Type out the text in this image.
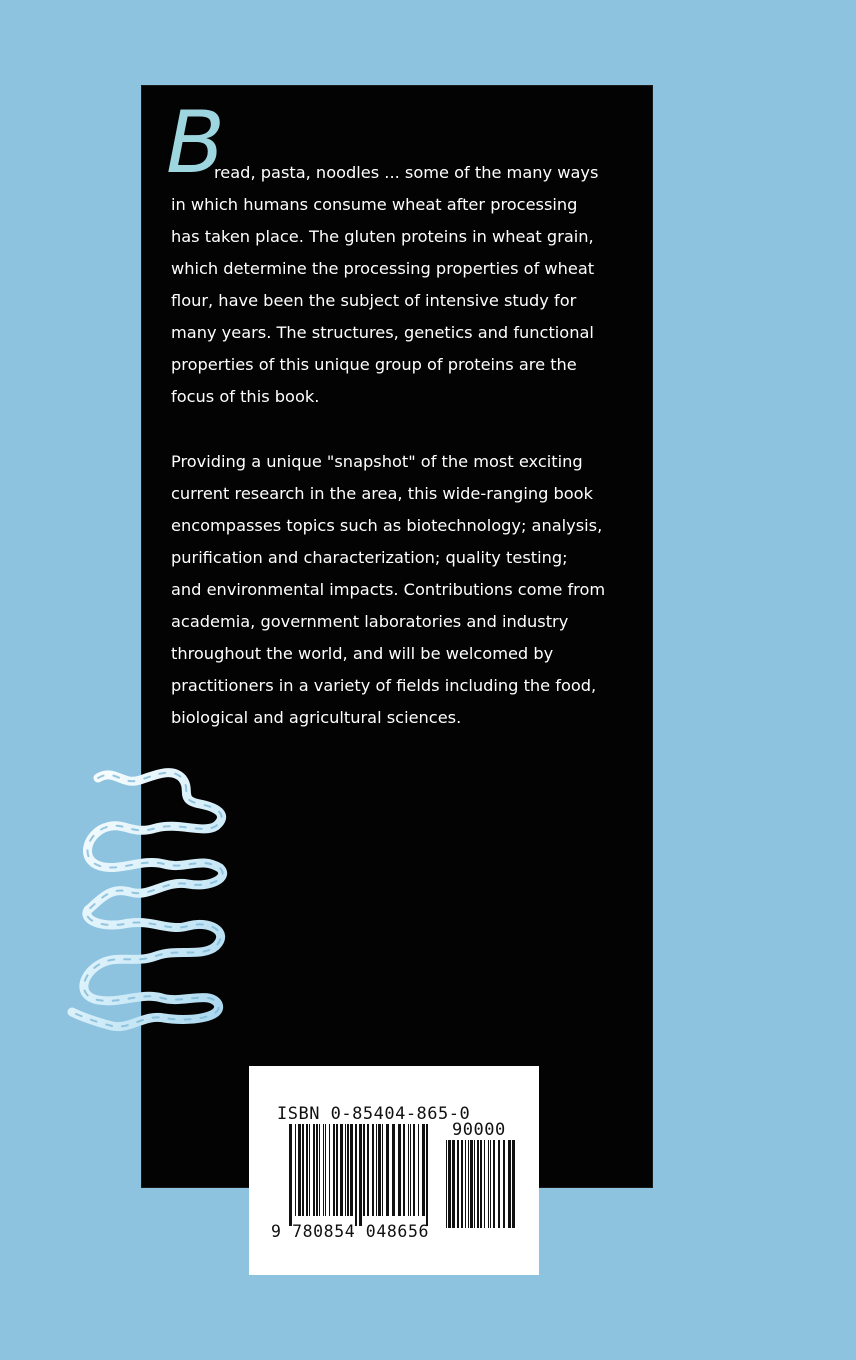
B

read, pasta, noodles ... some of the many ways
in which humans consume wheat after processing
has taken place. The gluten proteins in wheat grain,
which determine the processing properties of wheat
flour, have been the subject of intensive study for
many years. The structures, genetics and functional
properties of this unique group of proteins are the
focus of this book.

Providing a unique "snapshot" of the most exciting
current research in the area, this wide-ranging book
encompasses topics such as biotechnology; analysis,
purification and characterization; quality testing;
and environmental impacts. Contributions come from
academia, government laboratories and industry
throughout the world, and will be welcomed by
practitioners in a variety of fields including the food,
biological and agricultural sciences.

ISBN 0-85404-865-0
90000
9 780854 048656
